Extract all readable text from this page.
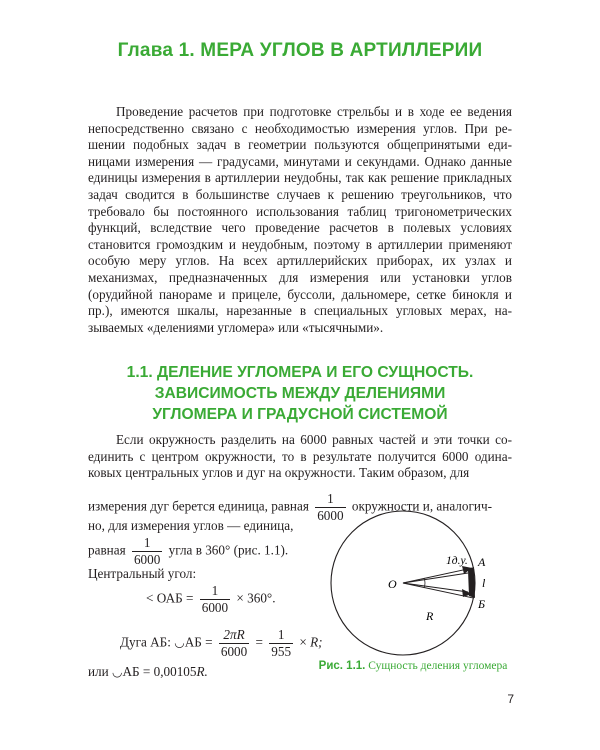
Глава 1. МЕРА УГЛОВ В АРТИЛЛЕРИИ

Проведение расчетов при подготовке стрельбы и в ходе ее ведения непосредственно связано с необходимостью измерения углов. При решении подобных задач в геометрии пользуются общепринятыми единицами измерения — градусами, минутами и секундами. Однако данные единицы измерения в артиллерии неудобны, так как решение прикладных задач сводится в большинстве случаев к решению треугольников, что требовало бы постоянного использования таблиц тригонометрических функций, вследствие чего проведение расчетов в полевых условиях становится громоздким и неудобным, поэтому в артиллерии применяют особую меру углов. На всех артиллерийских приборах, их узлах и механизмах, предназначенных для измерения или установки углов (орудийной панораме и прицеле, буссоли, дальномере, сетке бинокля и пр.), имеются шкалы, нарезанные в специальных угловых мерах, называемых «делениями угломера» или «тысячными».

1.1. ДЕЛЕНИЕ УГЛОМЕРА И ЕГО СУЩНОСТЬ.
ЗАВИСИМОСТЬ МЕЖДУ ДЕЛЕНИЯМИ
УГЛОМЕРА И ГРАДУСНОЙ СИСТЕМОЙ

Если окружность разделить на 6000 равных частей и эти точки соединить с центром окружности, то в результате получится 6000 одинаковых центральных углов и дуг на окружности. Таким образом, для

измерения дуг берется единица, равная $\frac{1}{6000}$ окружности и, аналогич-
но, для измерения углов — единица,
равная $\frac{1}{6000}$ угла в 360° (рис. 1.1).
Центральный угол:
< ОАБ = $\frac{1}{6000} \times 360^\circ$.
Дуга АБ: ◡АБ = $\frac{2\pi R}{6000} = \frac{1}{955} \times R$;
или ◡АБ = 0,00105R.
O
R
1д.у. А
l
Б
Рис. 1.1. Сущность деления угломера
7
